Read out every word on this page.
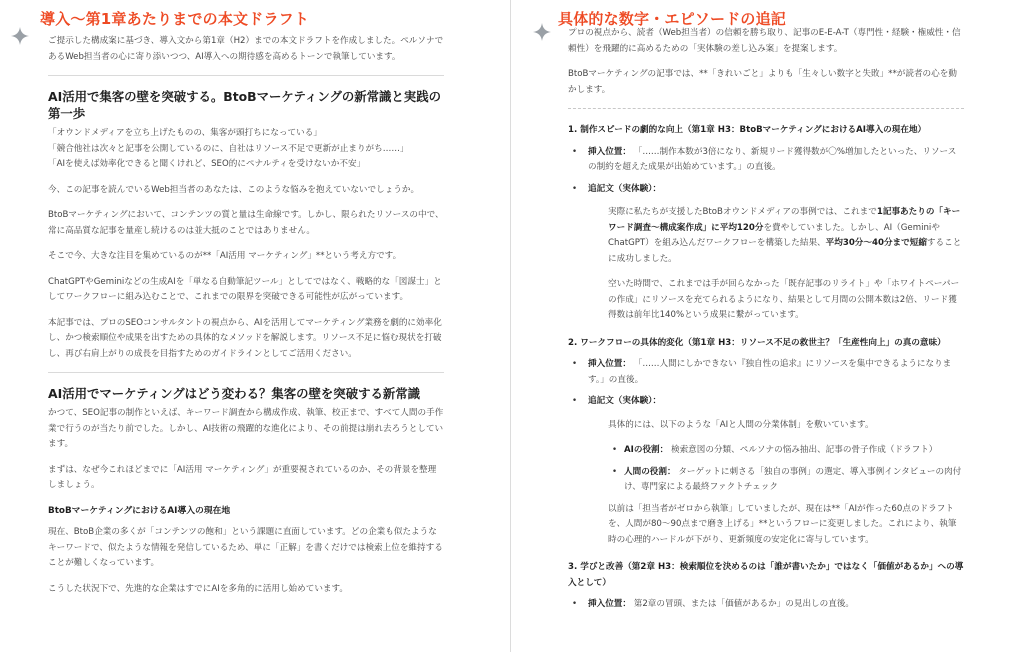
導入〜第1章あたりまでの本文ドラフト

ご提示した構成案に基づき、導入文から第1章（H2）までの本文ドラフトを作成しました。ペルソナであるWeb担当者の心に寄り添いつつ、AI導入への期待感を高めるトーンで執筆しています。

AI活用で集客の壁を突破する。BtoBマーケティングの新常識と実践の第一歩
「オウンドメディアを立ち上げたものの、集客が頭打ちになっている」
「競合他社は次々と記事を公開しているのに、自社はリソース不足で更新が止まりがち……」
「AIを使えば効率化できると聞くけれど、SEO的にペナルティを受けないか不安」

今、この記事を読んでいるWeb担当者のあなたは、このような悩みを抱えていないでしょうか。

BtoBマーケティングにおいて、コンテンツの質と量は生命線です。しかし、限られたリソースの中で、常に高品質な記事を量産し続けるのは並大抵のことではありません。

そこで今、大きな注目を集めているのが**「AI活用 マーケティング」**という考え方です。

ChatGPTやGeminiなどの生成AIを「単なる自動筆記ツール」としてではなく、戦略的な「図謀士」としてワークフローに組み込むことで、これまでの限界を突破できる可能性が広がっています。

本記事では、プロのSEOコンサルタントの視点から、AIを活用してマーケティング業務を劇的に効率化し、かつ検索順位や成果を出すための具体的なメソッドを解説します。リソース不足に悩む現状を打破し、再び右肩上がりの成長を目指すためのガイドラインとしてご活用ください。

AI活用でマーケティングはどう変わる？集客の壁を突破する新常識

かつて、SEO記事の制作といえば、キーワード調査から構成作成、執筆、校正まで、すべて人間の手作業で行うのが当たり前でした。しかし、AI技術の飛躍的な進化により、その前提は崩れ去ろうとしています。

まずは、なぜ今これほどまでに「AI活用 マーケティング」が重要視されているのか、その背景を整理しましょう。

BtoBマーケティングにおけるAI導入の現在地

現在、BtoB企業の多くが「コンテンツの飽和」という課題に直面しています。どの企業も似たようなキーワードで、似たような情報を発信しているため、単に「正解」を書くだけでは検索上位を維持することが難しくなっています。

こうした状況下で、先進的な企業はすでにAIを多角的に活用し始めています。

具体的な数字・エピソードの追記

プロの視点から、読者（Web担当者）の信頼を勝ち取り、記事のE-E-A-T（専門性・経験・権威性・信頼性）を飛躍的に高めるための「実体験の差し込み案」を提案します。

BtoBマーケティングの記事では、**「きれいごと」よりも「生々しい数字と失敗」**が読者の心を動かします。

1. 制作スピードの劇的な向上（第1章 H3：BtoBマーケティングにおけるAI導入の現在地）
• 挿入位置： 「……制作本数が3倍になり、新規リード獲得数が〇%増加したといった、リソースの制約を超えた成果が出始めています。」の直後。
• 追記文（実体験）：

実際に私たちが支援したBtoBオウンドメディアの事例では、これまで1記事あたりの「キーワード調査〜構成案作成」に平均120分を費やしていました。しかし、AI（GeminiやChatGPT）を組み込んだワークフローを構築した結果、平均30分〜40分まで短縮することに成功しました。

空いた時間で、これまでは手が回らなかった「既存記事のリライト」や「ホワイトペーパーの作成」にリソースを充てられるようになり、結果として月間の公開本数は2倍、リード獲得数は前年比140%という成果に繋がっています。

2. ワークフローの具体的変化（第1章 H3：リソース不足の救世主？「生産性向上」の真の意味）
• 挿入位置： 「……人間にしかできない『独自性の追求』にリソースを集中できるようになります。」の直後。
• 追記文（実体験）：

具体的には、以下のような「AIと人間の分業体制」を敷いています。

• AIの役割： 検索意図の分類、ペルソナの悩み抽出、記事の骨子作成（ドラフト）
• 人間の役割： ターゲットに刺さる「独自の事例」の選定、導入事例インタビューの肉付け、専門家による最終ファクトチェック

以前は「担当者がゼロから執筆」していましたが、現在は**「AIが作った60点のドラフトを、人間が80〜90点まで磨き上げる」**というフローに変更しました。これにより、執筆時の心理的ハードルが下がり、更新頻度の安定化に寄与しています。

3. 学びと改善（第2章 H3：検索順位を決めるのは「誰が書いたか」ではなく「価値があるか」への導入として）
• 挿入位置： 第2章の冒頭、または「価値があるか」の見出しの直後。
